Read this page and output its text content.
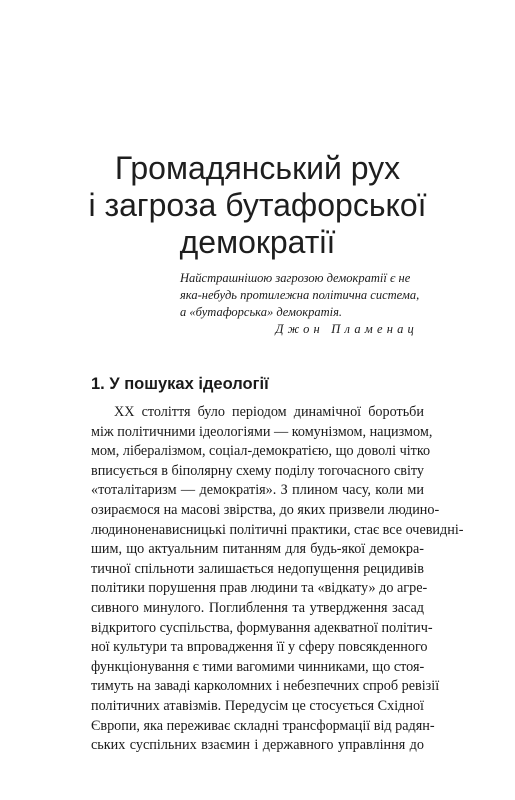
Громадянський рух
і загроза бутафорської
демократії
Найстрашнішою загрозою демократії є не
яка-небудь протилежна політична система,
а «бутафорська» демократія.
Джон Пламенац
1. У пошуках ідеології
XX століття було періодом динамічної боротьби
між політичними ідеологіями — комунізмом, нацизмом,
мом, лібералізмом, соціал-демократією, що доволі чітко
вписується в біполярну схему поділу тогочасного світу
«тоталітаризм — демократія». З плином часу, коли ми
озираємося на масові звірства, до яких призвели людино-
людиноненависницькі політичні практики, стає все очевидні-
шим, що актуальним питанням для будь-якої демокра-
тичної спільноти залишається недопущення рецидивів
політики порушення прав людини та «відкату» до агре-
сивного минулого. Поглиблення та утвердження засад
відкритого суспільства, формування адекватної політич-
ної культури та впровадження її у сферу повсякденного
функціонування є тими вагомими чинниками, що стоя-
тимуть на заваді карколомних і небезпечних спроб ревізії
політичних атавізмів. Передусім це стосується Східної
Європи, яка переживає складні трансформації від радян-
ських суспільних взаємин і державного управління до
